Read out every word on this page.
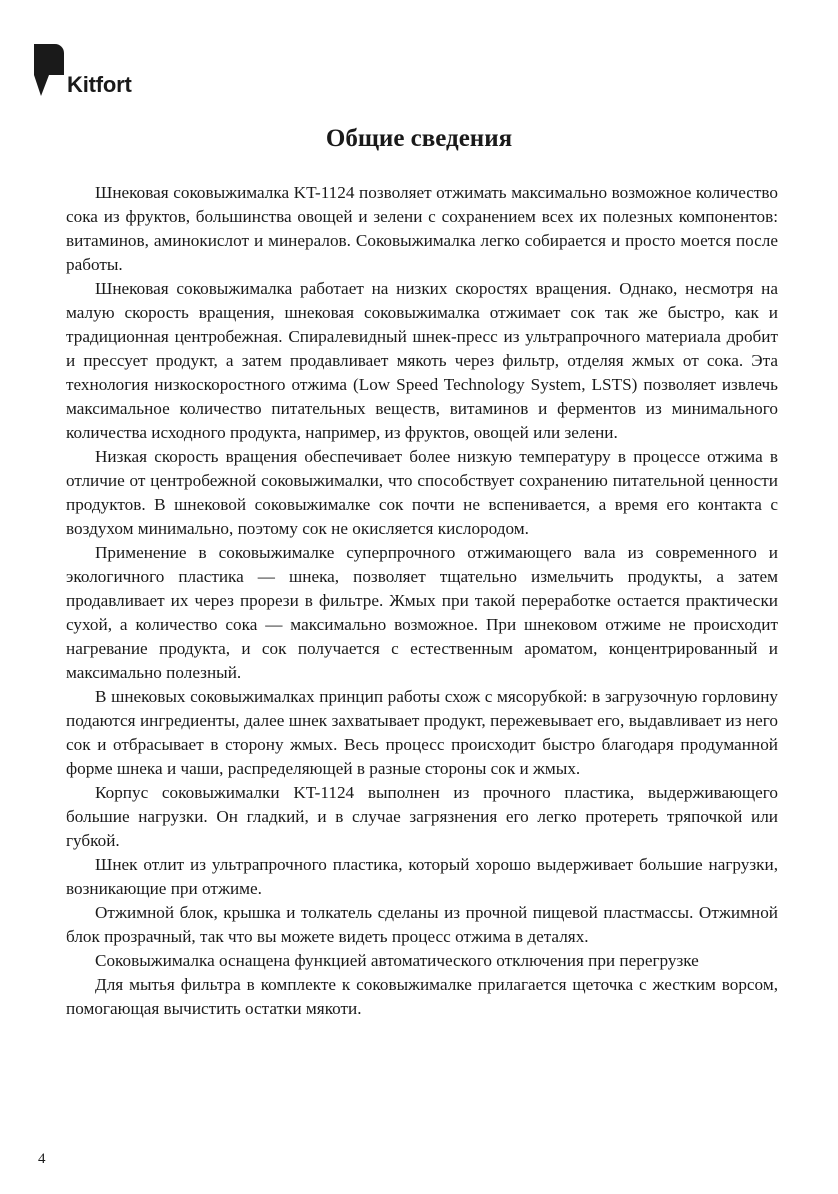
Kitfort
Общие сведения

Шнековая соковыжималка KT-1124 позволяет отжимать максимально возможное количество сока из фруктов, большинства овощей и зелени с сохранением всех их полезных компонентов: витаминов, аминокислот и минералов. Соковыжималка легко собирается и просто моется после работы.

Шнековая соковыжималка работает на низких скоростях вращения. Однако, несмотря на малую скорость вращения, шнековая соковыжималка отжимает сок так же быстро, как и традиционная центробежная. Спиралевидный шнек-пресс из ультрапрочного материала дробит и прессует продукт, а затем продавливает мякоть через фильтр, отделяя жмых от сока. Эта технология низкоскоростного отжима (Low Speed Technology System, LSTS) позволяет извлечь максимальное количество питательных веществ, витаминов и ферментов из минимального количества исходного продукта, например, из фруктов, овощей или зелени.

Низкая скорость вращения обеспечивает более низкую температуру в процессе отжима в отличие от центробежной соковыжималки, что способствует сохранению питательной ценности продуктов. В шнековой соковыжималке сок почти не вспенивается, а время его контакта с воздухом минимально, поэтому сок не окисляется кислородом.

Применение в соковыжималке суперпрочного отжимающего вала из современного и экологичного пластика — шнека, позволяет тщательно измельчить продукты, а затем продавливает их через прорези в фильтре. Жмых при такой переработке остается практически сухой, а количество сока — максимально возможное. При шнековом отжиме не происходит нагревание продукта, и сок получается с естественным ароматом, концентрированный и максимально полезный.

В шнековых соковыжималках принцип работы схож с мясорубкой: в загрузочную горловину подаются ингредиенты, далее шнек захватывает продукт, пережевывает его, выдавливает из него сок и отбрасывает в сторону жмых. Весь процесс происходит быстро благодаря продуманной форме шнека и чаши, распределяющей в разные стороны сок и жмых.

Корпус соковыжималки KT-1124 выполнен из прочного пластика, выдерживающего большие нагрузки. Он гладкий, и в случае загрязнения его легко протереть тряпочкой или губкой.

Шнек отлит из ультрапрочного пластика, который хорошо выдерживает большие нагрузки, возникающие при отжиме.

Отжимной блок, крышка и толкатель сделаны из прочной пищевой пластмассы. Отжимной блок прозрачный, так что вы можете видеть процесс отжима в деталях.

Соковыжималка оснащена функцией автоматического отключения при перегрузке

Для мытья фильтра в комплекте к соковыжималке прилагается щеточка с жестким ворсом, помогающая вычистить остатки мякоти.

4
